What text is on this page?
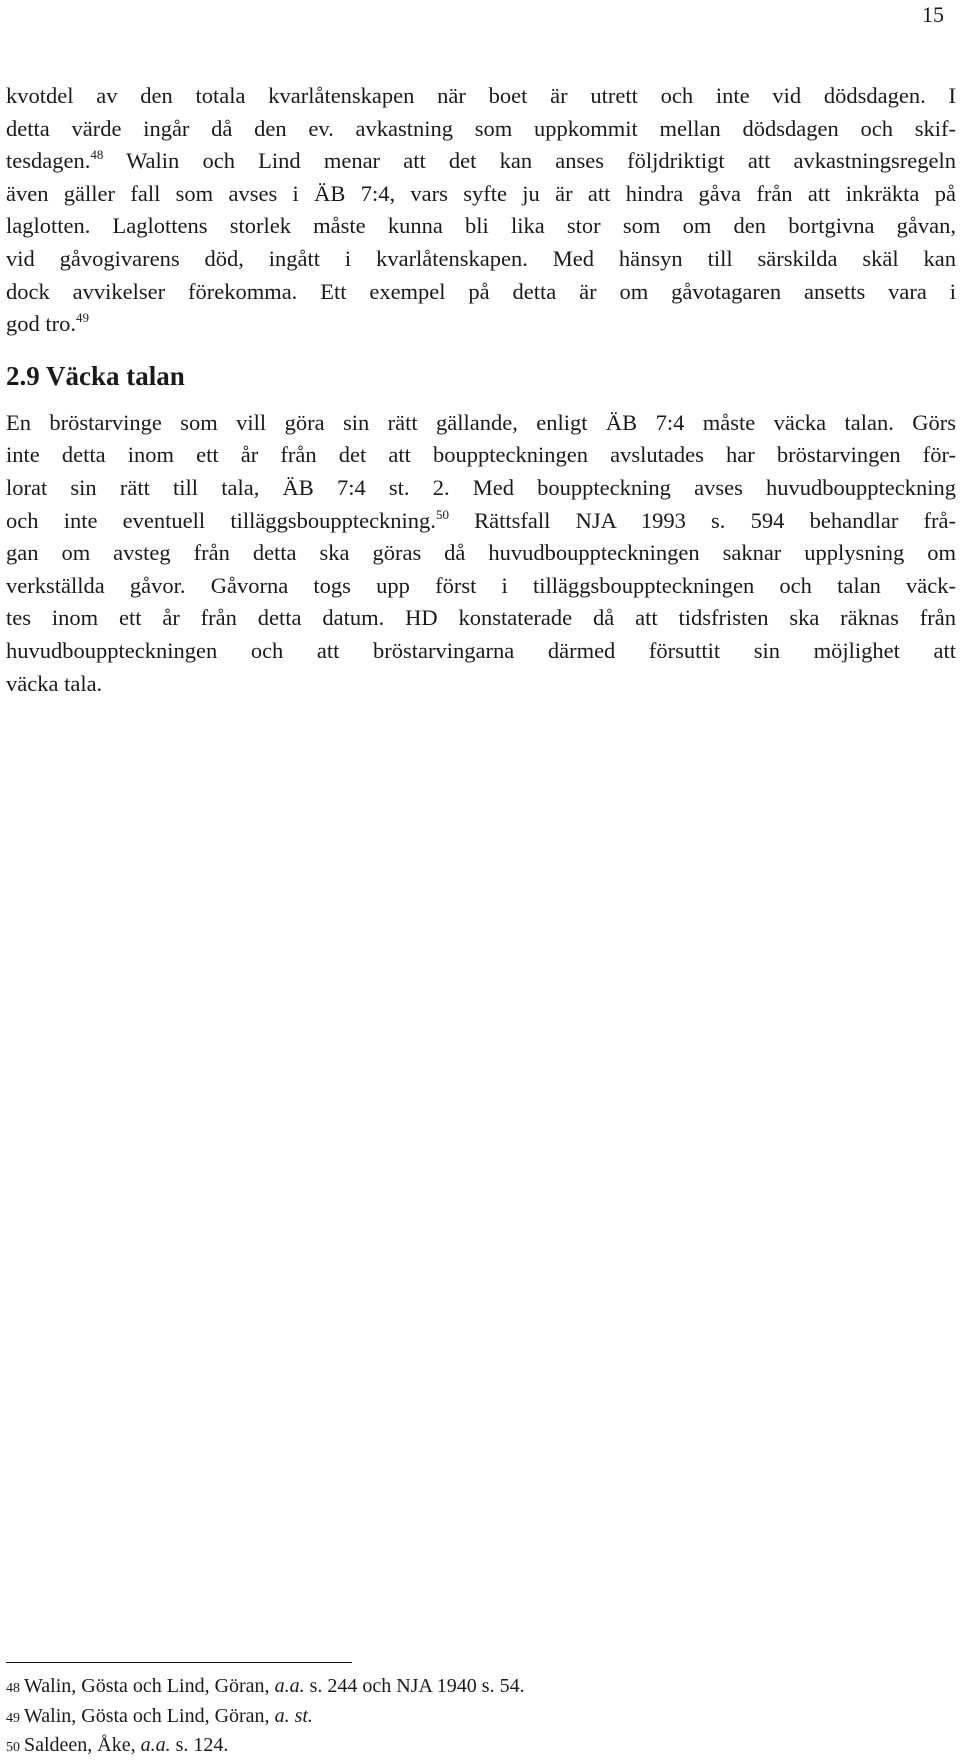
15
kvotdel av den totala kvarlåtenskapen när boet är utrett och inte vid dödsdagen. I
detta värde ingår då den ev. avkastning som uppkommit mellan dödsdagen och skif-
tesdagen.$^{48}$ Walin och Lind menar att det kan anses följdriktigt att avkastningsregeln
även gäller fall som avses i ÄB 7:4, vars syfte ju är att hindra gåva från att inkräkta på
laglotten. Laglottens storlek måste kunna bli lika stor som om den bortgivna gåvan,
vid gåvogivarens död, ingått i kvarlåtenskapen. Med hänsyn till särskilda skäl kan
dock avvikelser förekomma. Ett exempel på detta är om gåvotagaren ansetts vara i
god tro.$^{49}$
2.9 Väcka talan
En bröstarvinge som vill göra sin rätt gällande, enligt ÄB 7:4 måste väcka talan. Görs
inte detta inom ett år från det att bouppteckningen avslutades har bröstarvingen för-
lorat sin rätt till tala, ÄB 7:4 st. 2. Med bouppteckning avses huvudbouppteckning
och inte eventuell tilläggsbouppteckning.$^{50}$ Rättsfall NJA 1993 s. 594 behandlar frå-
gan om avsteg från detta ska göras då huvudbouppteckningen saknar upplysning om
verkställda gåvor. Gåvorna togs upp först i tilläggsbouppteckningen och talan väck-
tes inom ett år från detta datum. HD konstaterade då att tidsfristen ska räknas från
huvudbouppteckningen och att bröstarvingarna därmed försuttit sin möjlighet att
väcka tala.
48 Walin, Gösta och Lind, Göran, a.a. s. 244 och NJA 1940 s. 54.
49 Walin, Gösta och Lind, Göran, a. st.
50 Saldeen, Åke, a.a. s. 124.
